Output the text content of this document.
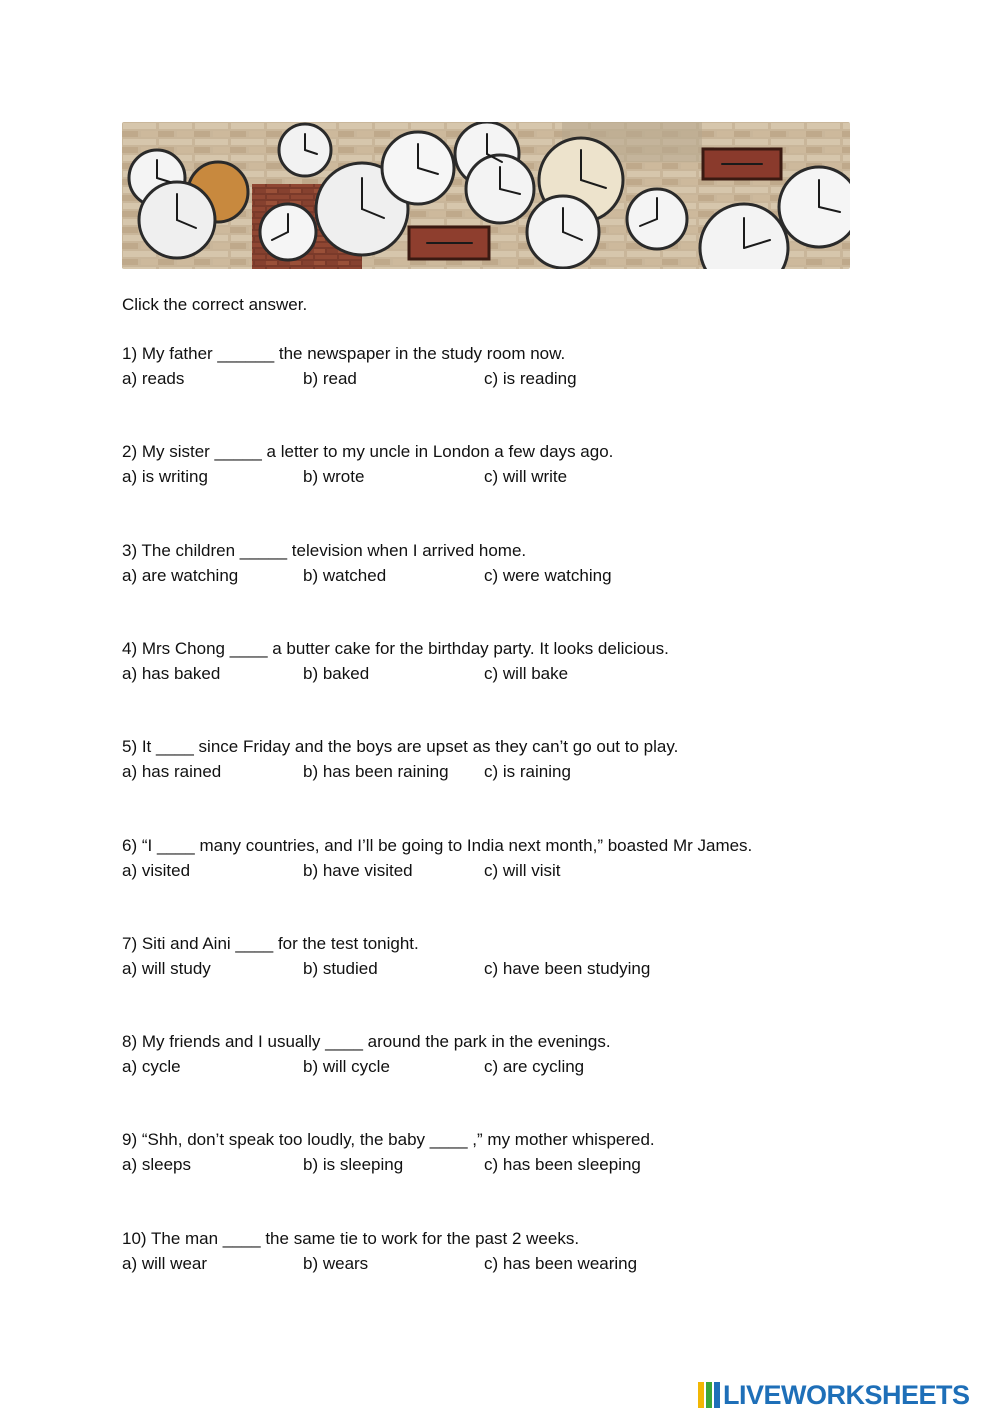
Click the correct answer.
1) My father ______ the newspaper in the study room now.
a) reads	b) read	c) is reading
2) My sister _____ a letter to my uncle in London a few days ago.
a) is writing	b) wrote	c) will write
3) The children _____ television when I arrived home.
a) are watching	b) watched	c) were watching
4) Mrs Chong ____ a butter cake for the birthday party. It looks delicious.
a) has baked	b) baked	c) will bake
5) It ____ since Friday and the boys are upset as they can’t go out to play.
a) has rained	b) has been raining c) is raining
6) “I ____ many countries, and I’ll be going to India next month,” boasted Mr James.
a) visited	b) have visited	c) will visit
7) Siti and Aini ____ for the test tonight.
a) will study	b) studied	c) have been studying
8) My friends and I usually ____ around the park in the evenings.
a) cycle	b) will cycle	c) are cycling
9) “Shh, don’t speak too loudly, the baby ____ ,” my mother whispered.
a) sleeps	b) is sleeping	c) has been sleeping
10) The man ____ the same tie to work for the past 2 weeks.
a) will wear	b) wears	c) has been wearing
LIVEWORKSHEETS
